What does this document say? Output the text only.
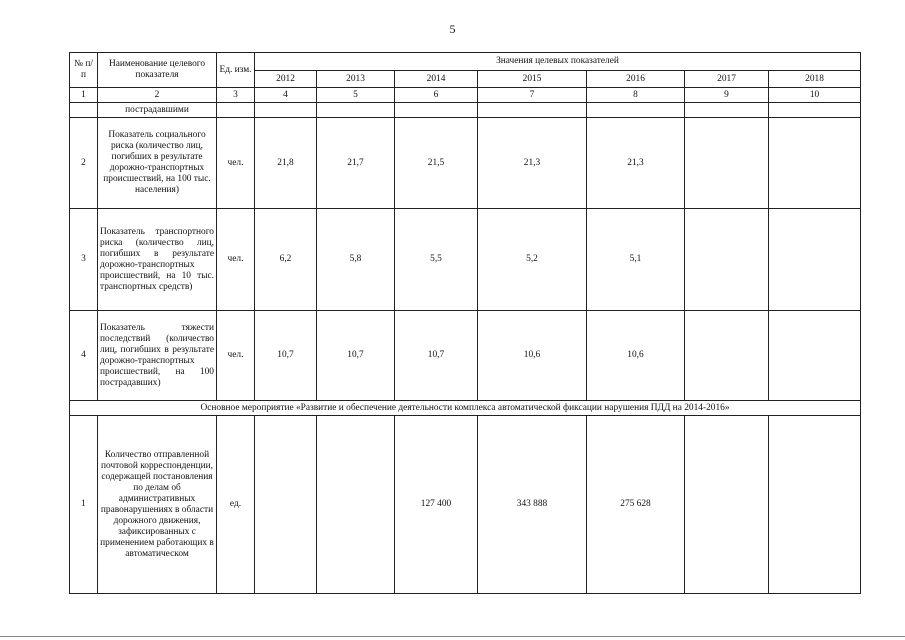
5
№ п/п	Наименование целевого показателя	Ед. изм.	Значения целевых показателей						
			2012	2013	2014	2015	2016	2017	2018
1	2	3	4	5	6	7	8	9	10
	пострадавшими								
2	Показатель социального риска (количество лиц, погибших в результате дорожно-транспортных происшествий, на 100 тыс. населения)	чел.	21,8	21,7	21,5	21,3	21,3		
3	Показатель транспортного риска (количество лиц, погибших в результате дорожно-транспортных происшествий, на 10 тыс. транспортных средств)	чел.	6,2	5,8	5,5	5,2	5,1		
4	Показатель тяжести последствий (количество лиц, погибших в результате дорожно-транспортных происшествий, на 100 пострадавших)	чел.	10,7	10,7	10,7	10,6	10,6		
Основное мероприятие «Развитие и обеспечение деятельности комплекса автоматической фиксации нарушения ПДД на 2014-2016»									
1	Количество отправленной почтовой корреспонденции, содержащей постановления по делам об административных правонарушениях в области дорожного движения, зафиксированных с применением работающих в автоматическом	ед.			127 400	343 888	275 628		
